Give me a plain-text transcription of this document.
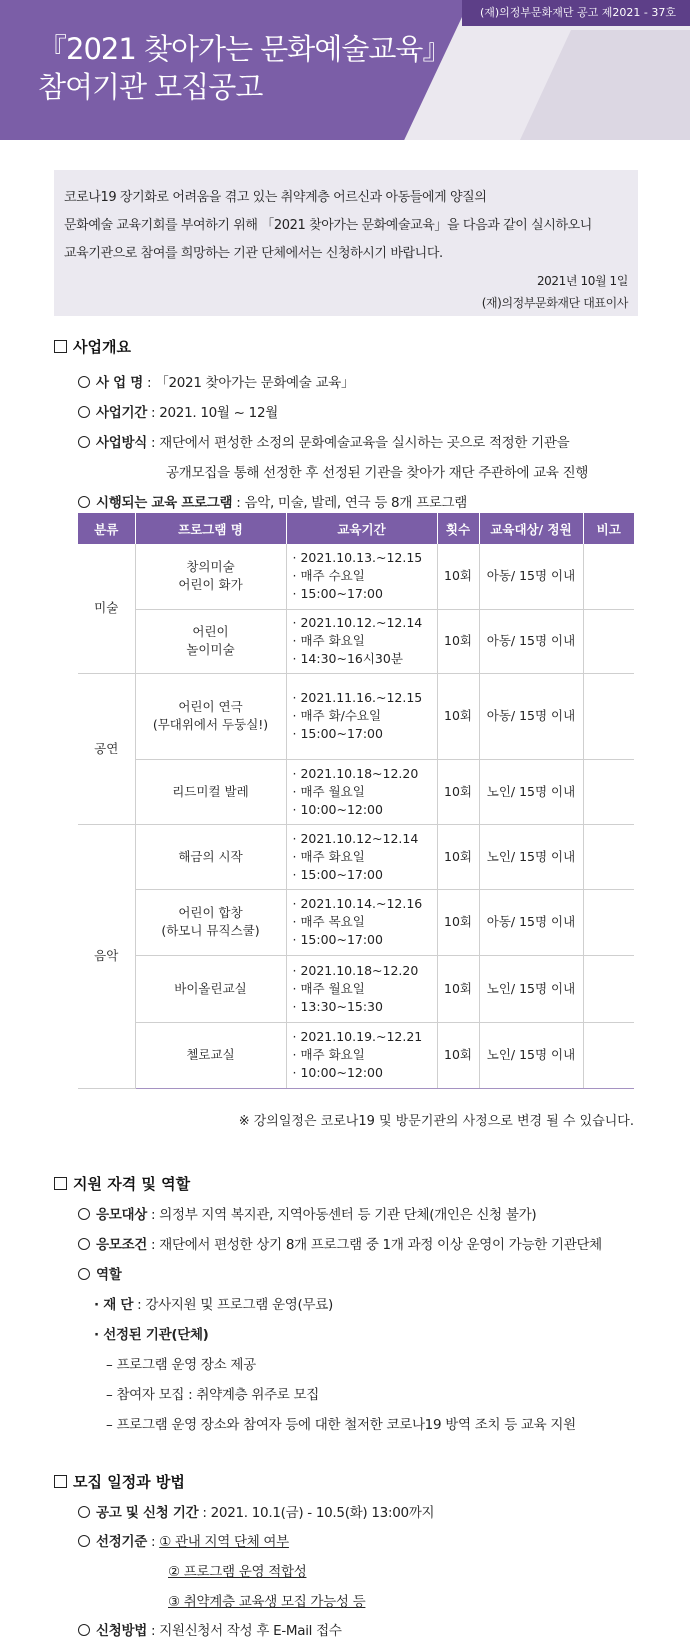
(재)의정부문화재단 공고 제2021 - 37호
『2021 찾아가는 문화예술교육』
참여기관 모집공고

코로나19 장기화로 어려움을 겪고 있는 취약계층 어르신과 아동들에게 양질의

문화예술 교육기회를 부여하기 위해 「2021 찾아가는 문화예술교육」을 다음과 같이 실시하오니

교육기관으로 참여를 희망하는 기관 단체에서는 신청하시기 바랍니다.

2021년 10월 1일

(재)의정부문화재단 대표이사

사업개요
사 업 명 : 「2021 찾아가는 문화예술 교육」
사업기간 : 2021. 10월 ~ 12월
사업방식 : 재단에서 편성한 소정의 문화예술교육을 실시하는 곳으로 적정한 기관을
공개모집을 통해 선정한 후 선정된 기관을 찾아가 재단 주관하에 교육 진행
시행되는 교육 프로그램 : 음악, 미술, 발레, 연극 등 8개 프로그램
분류	프로그램 명	교육기간	횟수	교육대상/ 정원	비고
미술	창의미술
어린이 화가	· 2021.10.13.~12.15
· 매주 수요일
· 15:00~17:00	10회	아동/ 15명 이내	
	어린이
놀이미술	· 2021.10.12.~12.14
· 매주 화요일
· 14:30~16시30분	10회	아동/ 15명 이내	
공연	어린이 연극
(무대위에서 두둥실!)	· 2021.11.16.~12.15
· 매주 화/수요일
· 15:00~17:00	10회	아동/ 15명 이내	
	리드미컬 발레	· 2021.10.18~12.20
· 매주 월요일
· 10:00~12:00	10회	노인/ 15명 이내	
음악	해금의 시작	· 2021.10.12~12.14
· 매주 화요일
· 15:00~17:00	10회	노인/ 15명 이내	
	어린이 합창
(하모니 뮤직스쿨)	· 2021.10.14.~12.16
· 매주 목요일
· 15:00~17:00	10회	아동/ 15명 이내	
	바이올린교실	· 2021.10.18~12.20
· 매주 월요일
· 13:30~15:30	10회	노인/ 15명 이내	
	첼로교실	· 2021.10.19.~12.21
· 매주 화요일
· 10:00~12:00	10회	노인/ 15명 이내	
※ 강의일정은 코로나19 및 방문기관의 사정으로 변경 될 수 있습니다.
지원 자격 및 역할
응모대상 : 의정부 지역 복지관, 지역아동센터 등 기관 단체(개인은 신청 불가)
응모조건 : 재단에서 편성한 상기 8개 프로그램 중 1개 과정 이상 운영이 가능한 기관단체
역할
· 재 단 : 강사지원 및 프로그램 운영(무료)
· 선정된 기관(단체)
– 프로그램 운영 장소 제공
– 참여자 모집 : 취약계층 위주로 모집
– 프로그램 운영 장소와 참여자 등에 대한 철저한 코로나19 방역 조치 등 교육 지원
모집 일정과 방법
공고 및 신청 기간 : 2021. 10.1(금) - 10.5(화) 13:00까지
선정기준 : ① 관내 지역 단체 여부
② 프로그램 운영 적합성
③ 취약계층 교육생 모집 가능성 등
신청방법 : 지원신청서 작성 후 E-Mail 접수
